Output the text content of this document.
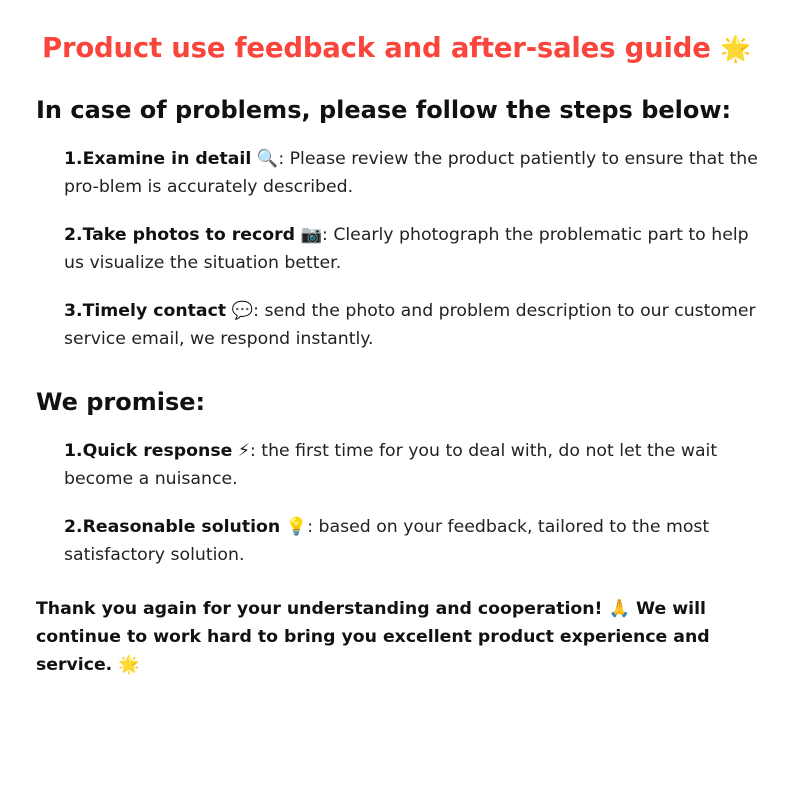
Product use feedback and after-sales guide 🌟
In case of problems, please follow the steps below:
1.Examine in detail 🔍: Please review the product patiently to ensure that the pro-blem is accurately described.
2.Take photos to record 📷: Clearly photograph the problematic part to help us visualize the situation better.
3.Timely contact 💬: send the photo and problem description to our customer service email, we respond instantly.
We promise:
1.Quick response ⚡: the first time for you to deal with, do not let the wait become a nuisance.
2.Reasonable solution 💡: based on your feedback, tailored to the most satisfactory solution.
Thank you again for your understanding and cooperation! 🙏 We will continue to work hard to bring you excellent product experience and service. 🌟
